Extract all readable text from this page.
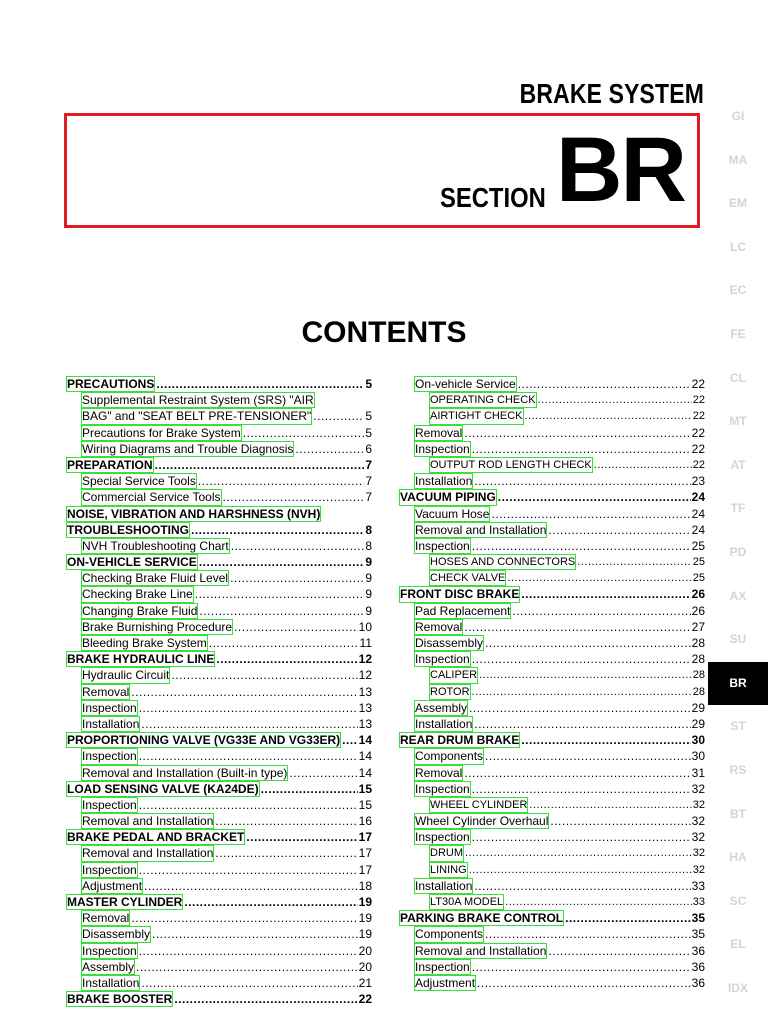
BRAKE SYSTEM
SECTION BR
CONTENTS
PRECAUTIONS .....	5
Supplemental Restraint System (SRS) "AIR
BAG" and "SEAT BELT PRE-TENSIONER" .....	5
Precautions for Brake System .....	5
Wiring Diagrams and Trouble Diagnosis .....	6
PREPARATION .....	7
Special Service Tools .....	7
Commercial Service Tools .....	7
NOISE, VIBRATION AND HARSHNESS (NVH)
TROUBLESHOOTING .....	8
NVH Troubleshooting Chart .....	8
ON-VEHICLE SERVICE .....	9
Checking Brake Fluid Level .....	9
Checking Brake Line .....	9
Changing Brake Fluid .....	9
Brake Burnishing Procedure .....	10
Bleeding Brake System .....	11
BRAKE HYDRAULIC LINE .....	12
Hydraulic Circuit .....	12
Removal .....	13
Inspection .....	13
Installation .....	13
PROPORTIONING VALVE (VG33E AND VG33ER) ..... 14
Inspection .....	14
Removal and Installation (Built-in type) .....	14
LOAD SENSING VALVE (KA24DE) .....	15
Inspection .....	15
Removal and Installation .....	16
BRAKE PEDAL AND BRACKET .....	17
Removal and Installation .....	17
Inspection .....	17
Adjustment .....	18
MASTER CYLINDER .....	19
Removal .....	19
Disassembly .....	19
Inspection .....	20
Assembly .....	20
Installation .....	21
BRAKE BOOSTER .....	22
On-vehicle Service .....	22
OPERATING CHECK .....	22
AIRTIGHT CHECK .....	22
Removal .....	22
Inspection .....	22
OUTPUT ROD LENGTH CHECK .....	22
Installation .....	23
VACUUM PIPING .....	24
Vacuum Hose .....	24
Removal and Installation .....	24
Inspection .....	25
HOSES AND CONNECTORS .....	25
CHECK VALVE .....	25
FRONT DISC BRAKE .....	26
Pad Replacement .....	26
Removal .....	27
Disassembly .....	28
Inspection .....	28
CALIPER .....	28
ROTOR .....	28
Assembly .....	29
Installation .....	29
REAR DRUM BRAKE .....	30
Components .....	30
Removal .....	31
Inspection .....	32
WHEEL CYLINDER .....	32
Wheel Cylinder Overhaul .....	32
Inspection .....	32
DRUM .....	32
LINING .....	32
Installation .....	33
LT30A MODEL .....	33
PARKING BRAKE CONTROL .....	35
Components .....	35
Removal and Installation .....	36
Inspection .....	36
Adjustment .....	36
GI
MA
EM
LC
EC
FE
CL
MT
AT
TF
PD
AX
SU
BR
ST
RS
BT
HA
SC
EL
IDX
